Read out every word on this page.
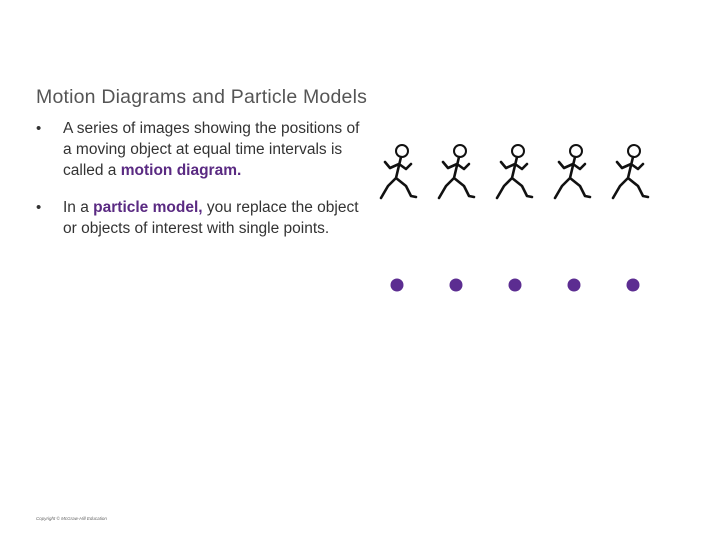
Motion Diagrams and Particle Models
• A series of images showing the positions of a moving object at equal time intervals is called a motion diagram.
• In a particle model, you replace the object or objects of interest with single points.
Copyright © McGraw-Hill Education
